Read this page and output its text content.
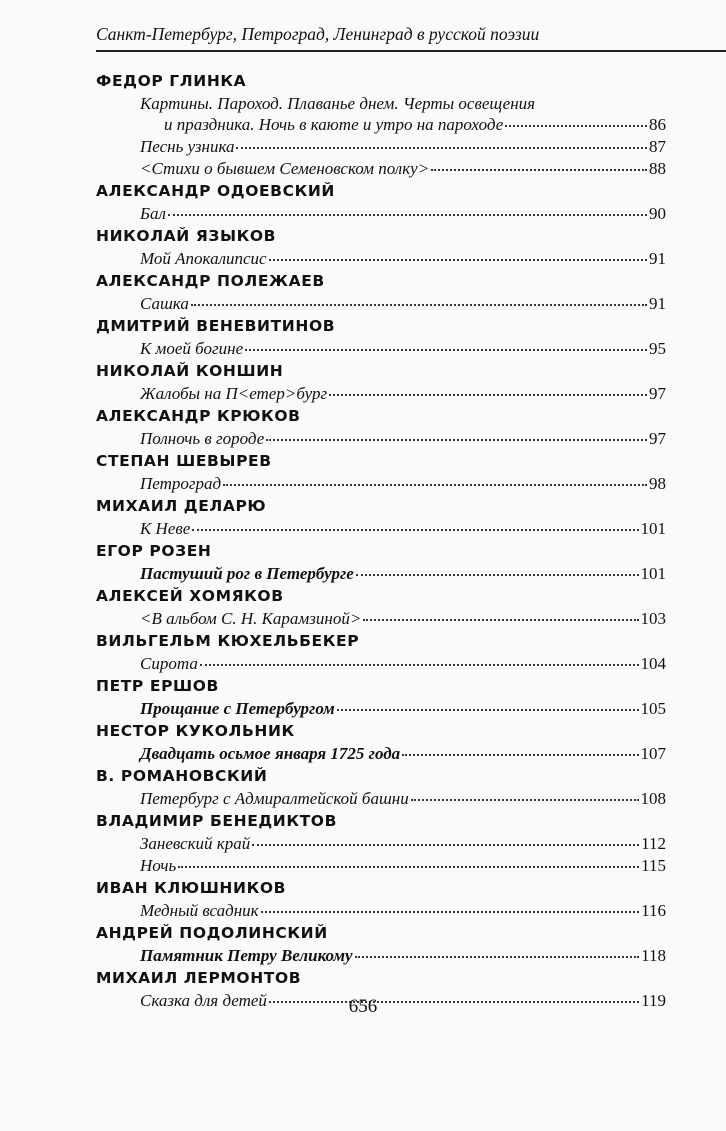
Санкт-Петербург, Петроград, Ленинград в русской поэзии
ФЕДОР ГЛИНКА
Картины. Пароход. Плаванье днем. Черты освещения
и праздника. Ночь в каюте и утро на пароходе	86
Песнь узника	87
<Стихи о бывшем Семеновском полку>	88
АЛЕКСАНДР ОДОЕВСКИЙ
Бал	90
НИКОЛАЙ ЯЗЫКОВ
Мой Апокалипсис	91
АЛЕКСАНДР ПОЛЕЖАЕВ
Сашка	91
ДМИТРИЙ ВЕНЕВИТИНОВ
К моей богине	95
НИКОЛАЙ КОНШИН
Жалобы на П<етер>бург	97
АЛЕКСАНДР КРЮКОВ
Полночь в городе	97
СТЕПАН ШЕВЫРЕВ
Петроград	98
МИХАИЛ ДЕЛАРЮ
К Неве	101
ЕГОР РОЗЕН
Пастуший рог в Петербурге	101
АЛЕКСЕЙ ХОМЯКОВ
<В альбом С. Н. Карамзиной>	103
ВИЛЬГЕЛЬМ КЮХЕЛЬБЕКЕР
Сирота	104
ПЕТР ЕРШОВ
Прощание с Петербургом	105
НЕСТОР КУКОЛЬНИК
Двадцать осьмое января 1725 года	107
В. РОМАНОВСКИЙ
Петербург с Адмиралтейской башни	108
ВЛАДИМИР БЕНЕДИКТОВ
Заневский край	112
Ночь	115
ИВАН КЛЮШНИКОВ
Медный всадник	116
АНДРЕЙ ПОДОЛИНСКИЙ
Памятник Петру Великому	118
МИХАИЛ ЛЕРМОНТОВ
Сказка для детей	119
656
